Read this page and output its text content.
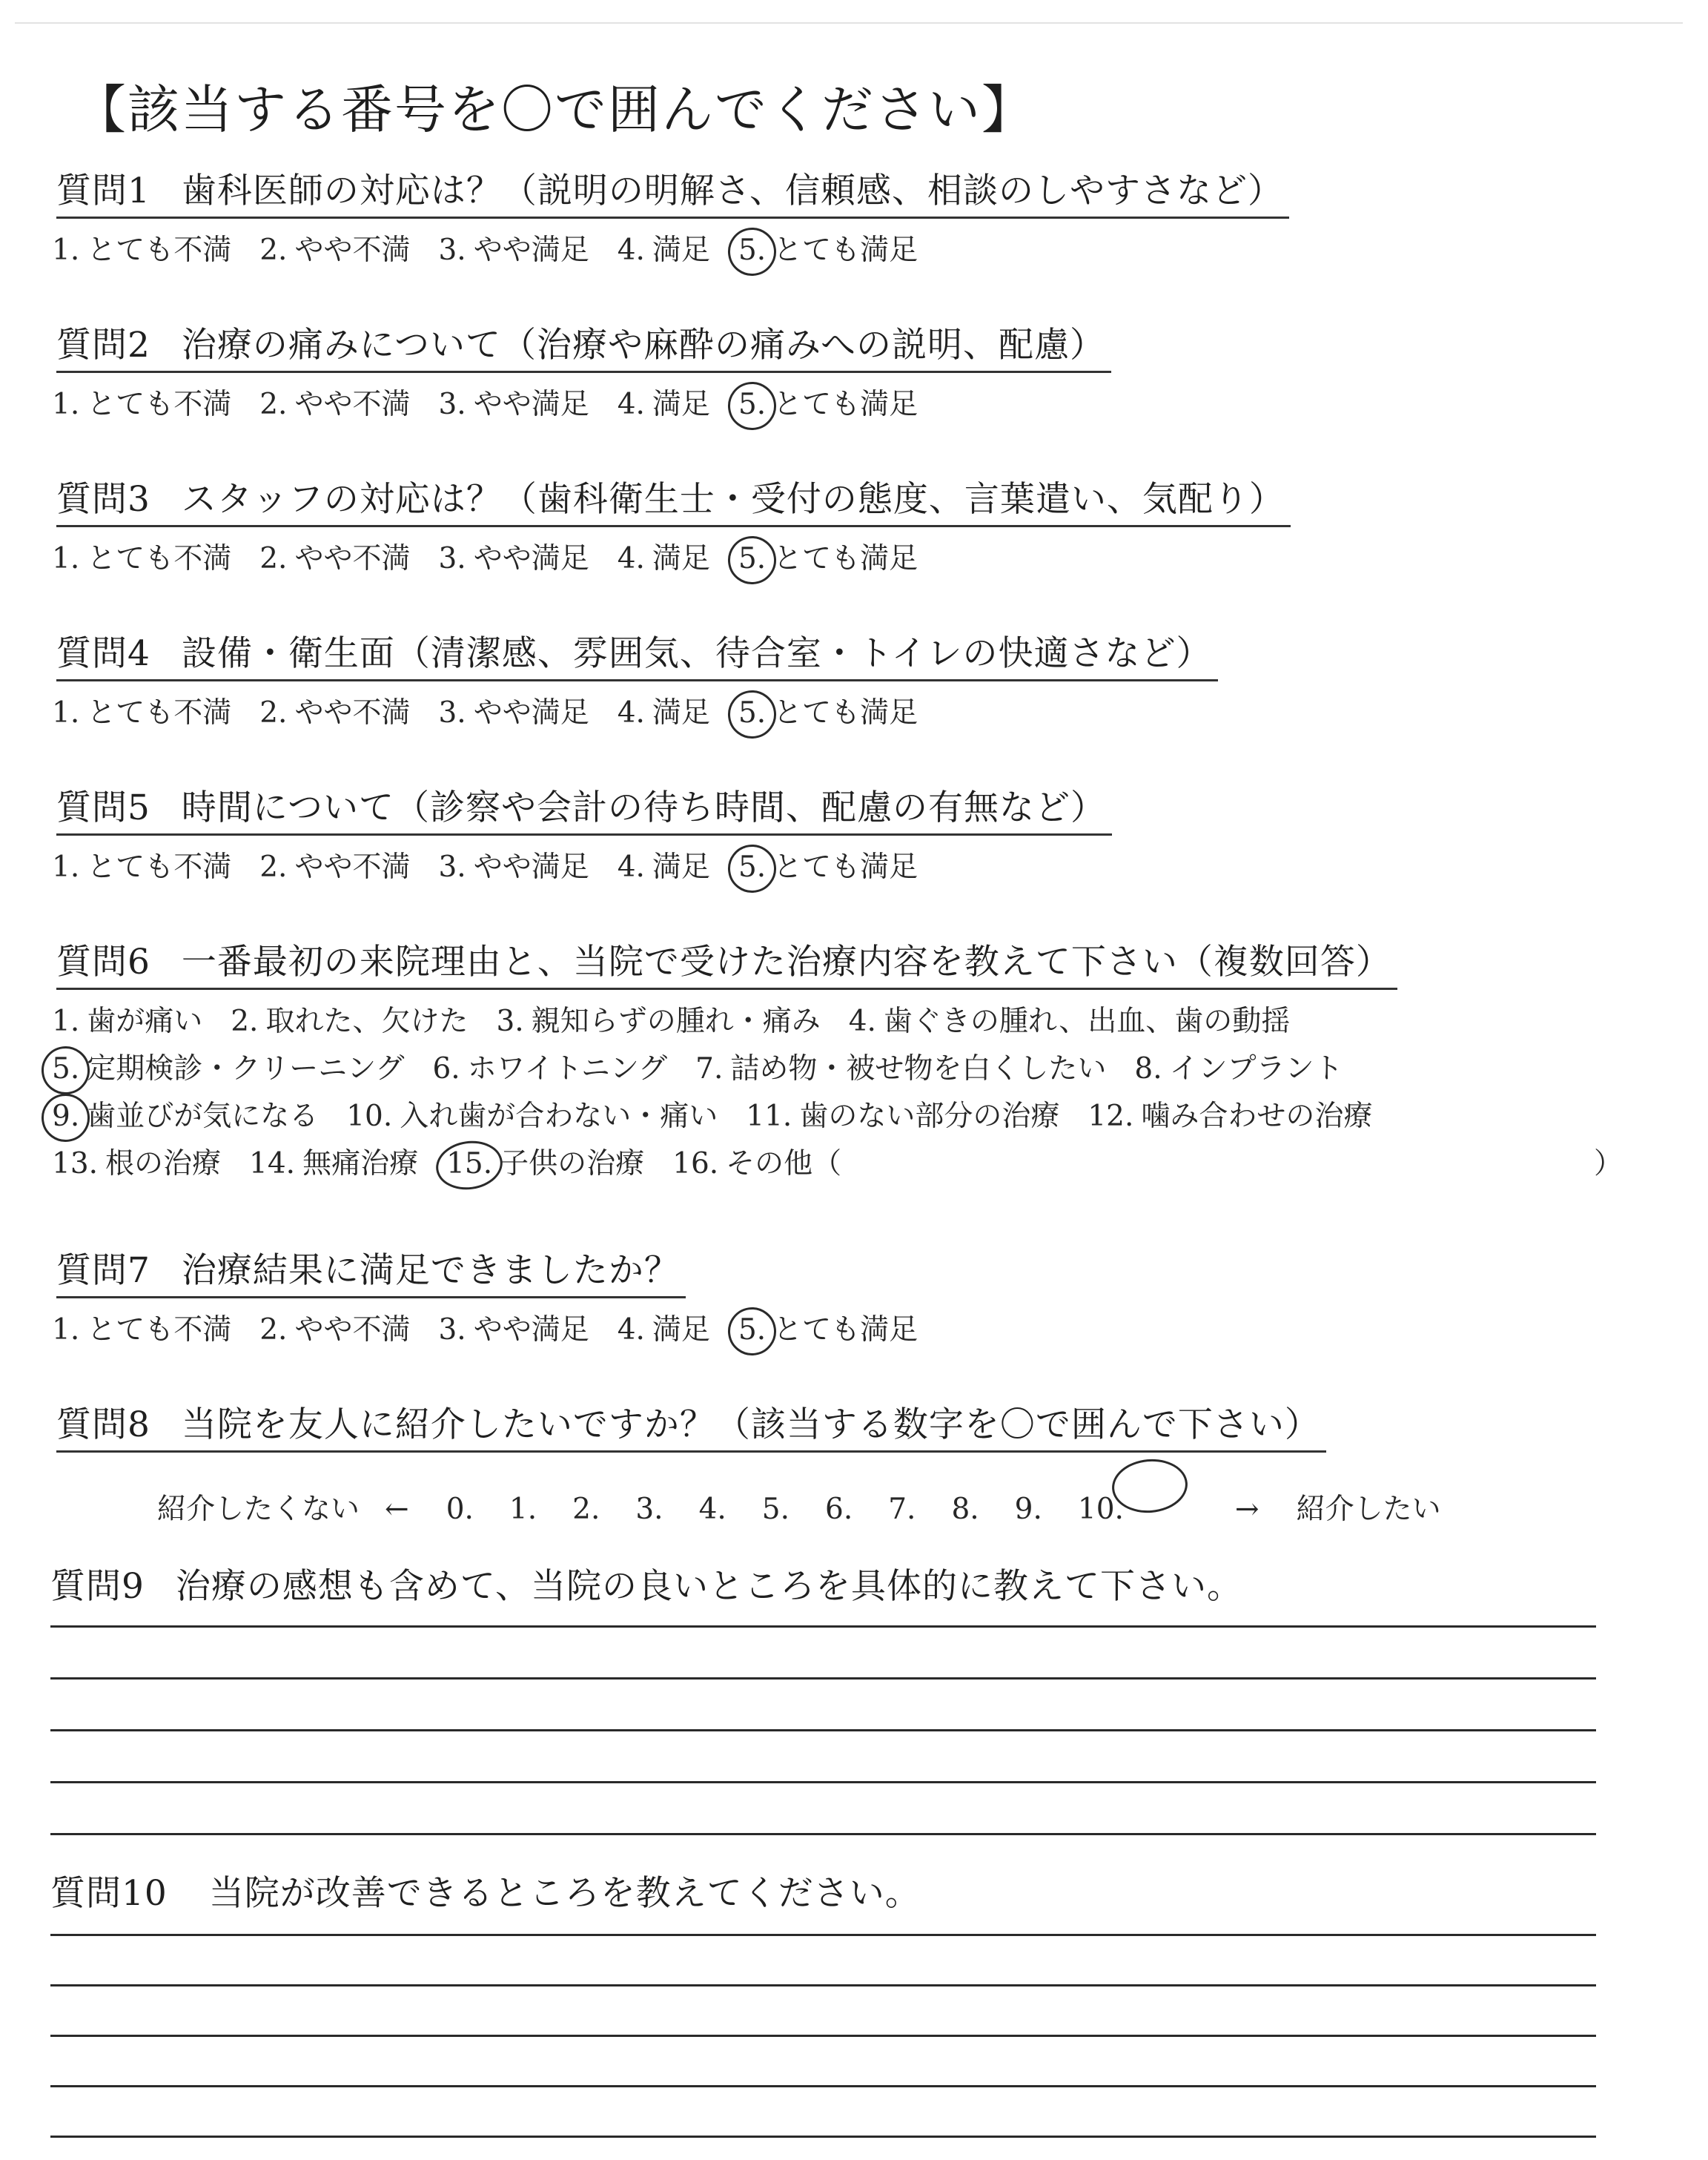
【該当する番号を〇で囲んでください】
質問1 歯科医師の対応は？（説明の明解さ、信頼感、相談のしやすさなど）
1. とても不満 2. やや不満 3. やや満足 4. 満足 5. とても満足
質問2 治療の痛みについて（治療や麻酔の痛みへの説明、配慮）
1. とても不満 2. やや不満 3. やや満足 4. 満足 5. とても満足
質問3 スタッフの対応は？（歯科衛生士・受付の態度、言葉遣い、気配り）
1. とても不満 2. やや不満 3. やや満足 4. 満足 5. とても満足
質問4 設備・衛生面（清潔感、雰囲気、待合室・トイレの快適さなど）
1. とても不満 2. やや不満 3. やや満足 4. 満足 5. とても満足
質問5 時間について（診察や会計の待ち時間、配慮の有無など）
1. とても不満 2. やや不満 3. やや満足 4. 満足 5. とても満足
質問6 一番最初の来院理由と、当院で受けた治療内容を教えて下さい（複数回答）
1. 歯が痛い 2. 取れた、欠けた 3. 親知らずの腫れ・痛み 4. 歯ぐきの腫れ、出血、歯の動揺
5. 定期検診・クリーニング 6. ホワイトニング 7. 詰め物・被せ物を白くしたい 8. インプラント
9. 歯並びが気になる 10. 入れ歯が合わない・痛い 11. 歯のない部分の治療 12. 噛み合わせの治療
13. 根の治療 14. 無痛治療 15. 子供の治療 16. その他（	）
質問7 治療結果に満足できましたか？
1. とても不満 2. やや不満 3. やや満足 4. 満足 5. とても満足
質問8 当院を友人に紹介したいですか？（該当する数字を〇で囲んで下さい）
紹介したくない ← 0. 1. 2. 3. 4. 5. 6. 7. 8. 9. 10.	→ 紹介したい
質問9 治療の感想も含めて、当院の良いところを具体的に教えて下さい。
質問10 当院が改善できるところを教えてください。
